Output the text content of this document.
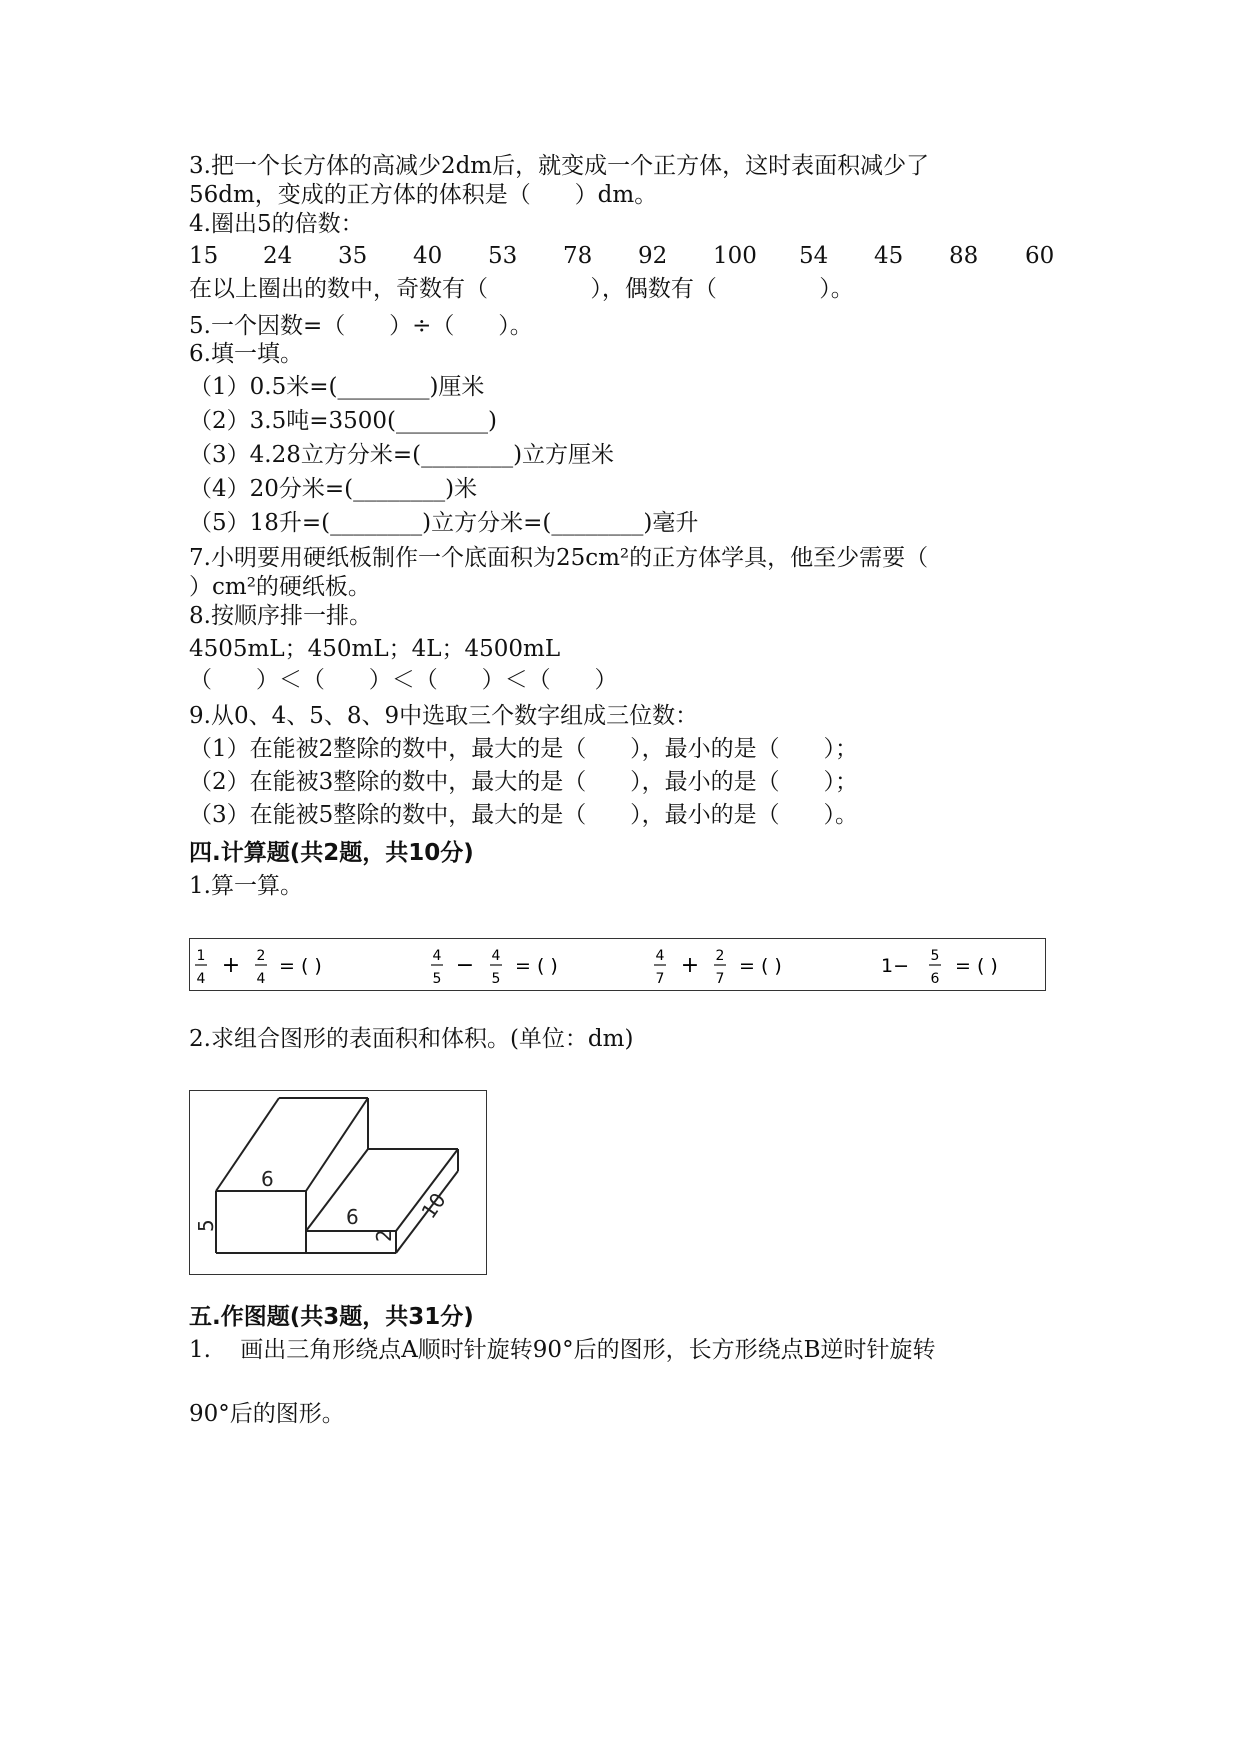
3.把一个长方体的高减少2dm后，就变成一个正方体，这时表面积减少了
56dm，变成的正方体的体积是（      ）dm。
4.圈出5的倍数：
15 24 35 40 53 78 92 100 54 45 88 60
在以上圈出的数中，奇数有（              ），偶数有（              ）。
5.一个因数=（      ）÷（      ）。
6.填一填。
（1）0.5米=(________)厘米
（2）3.5吨=3500(________)
（3）4.28立方分米=(________)立方厘米
（4）20分米=(________)米
（5）18升=(________)立方分米=(________)毫升
7.小明要用硬纸板制作一个底面积为25cm²的正方体学具，他至少需要（
）cm²的硬纸板。
8.按顺序排一排。
4505mL；450mL；4L；4500mL
（      ）＜（      ）＜（      ）＜（      ）
9.从0、4、5、8、9中选取三个数字组成三位数：
（1）在能被2整除的数中，最大的是（      ），最小的是（      ）；
（2）在能被3整除的数中，最大的是（      ），最小的是（      ）；
（3）在能被5整除的数中，最大的是（      ），最小的是（      ）。
四.计算题(共2题，共10分)
1.算一算。
1
4
+ 2
4
= ( )	4
5
− 4
5
= ( )	4
7
+ 2
7
= ( )	1− 5
6
= ( )
2.求组合图形的表面积和体积。(单位：dm)
6
5	6
2
10
五.作图题(共3题，共31分)
1.    画出三角形绕点A顺时针旋转90°后的图形，长方形绕点B逆时针旋转
90°后的图形。
